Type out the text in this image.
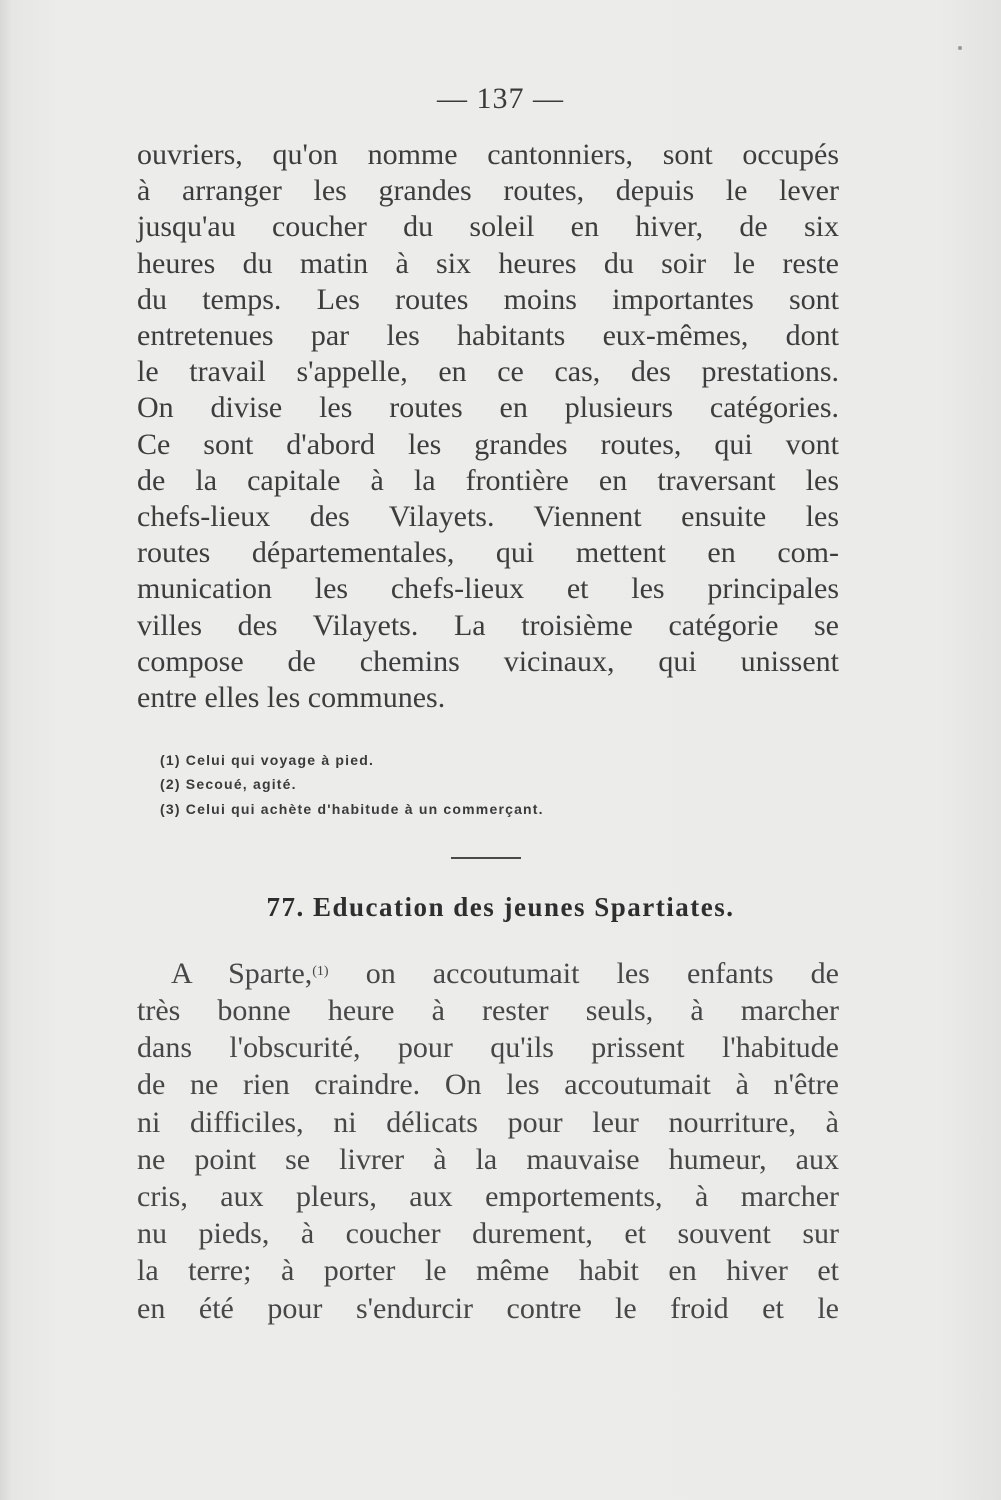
— 137 —
ouvriers, qu'on nomme cantonniers, sont occupés
à arranger les grandes routes, depuis le lever
jusqu'au coucher du soleil en hiver, de six
heures du matin à six heures du soir le reste
du temps. Les routes moins importantes sont
entretenues par les habitants eux-mêmes, dont
le travail s'appelle, en ce cas, des prestations.
On divise les routes en plusieurs catégories.
Ce sont d'abord les grandes routes, qui vont
de la capitale à la frontière en traversant les
chefs-lieux des Vilayets. Viennent ensuite les
routes départementales, qui mettent en com-
munication les chefs-lieux et les principales
villes des Vilayets. La troisième catégorie se
compose de chemins vicinaux, qui unissent
entre elles les communes.
(1) Celui qui voyage à pied.
(2) Secoué, agité.
(3) Celui qui achète d'habitude à un commerçant.
77. Education des jeunes Spartiates.
A Sparte,$^{(1)}$ on accoutumait les enfants de
très bonne heure à rester seuls, à marcher
dans l'obscurité, pour qu'ils prissent l'habitude
de ne rien craindre. On les accoutumait à n'être
ni difficiles, ni délicats pour leur nourriture, à
ne point se livrer à la mauvaise humeur, aux
cris, aux pleurs, aux emportements, à marcher
nu pieds, à coucher durement, et souvent sur
la terre; à porter le même habit en hiver et
en été pour s'endurcir contre le froid et le
